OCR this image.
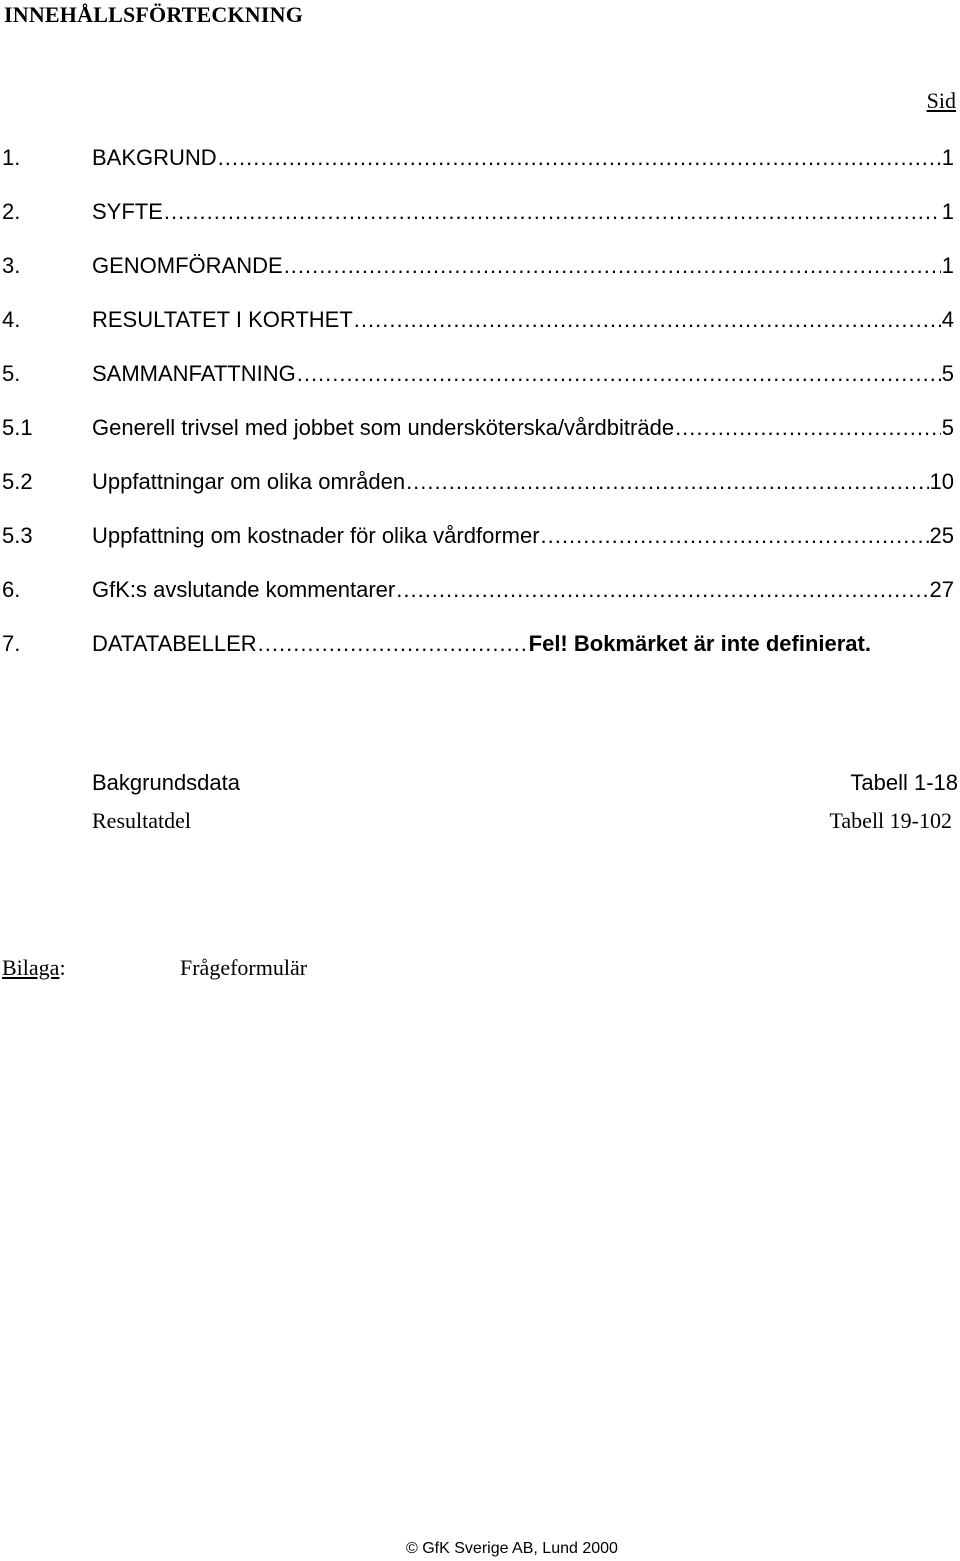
INNEHÅLLSFÖRTECKNING
Sid
1.	BAKGRUND .....	1
2.	SYFTE .....	1
3.	GENOMFÖRANDE .....	1
4.	RESULTATET I KORTHET .....	4
5.	SAMMANFATTNING .....	5
5.1	Generell trivsel med jobbet som undersköterska/vårdbiträde .....	5
5.2	Uppfattningar om olika områden .....	10
5.3	Uppfattning om kostnader för olika vårdformer .....	25
6.	GfK:s avslutande kommentarer .....	27
7.	DATATABELLER .....	Fel! Bokmärket är inte definierat.
Bakgrundsdata	Tabell 1-18
Resultatdel	Tabell 19-102
Bilaga:	Frågeformulär
© GfK Sverige AB, Lund 2000
